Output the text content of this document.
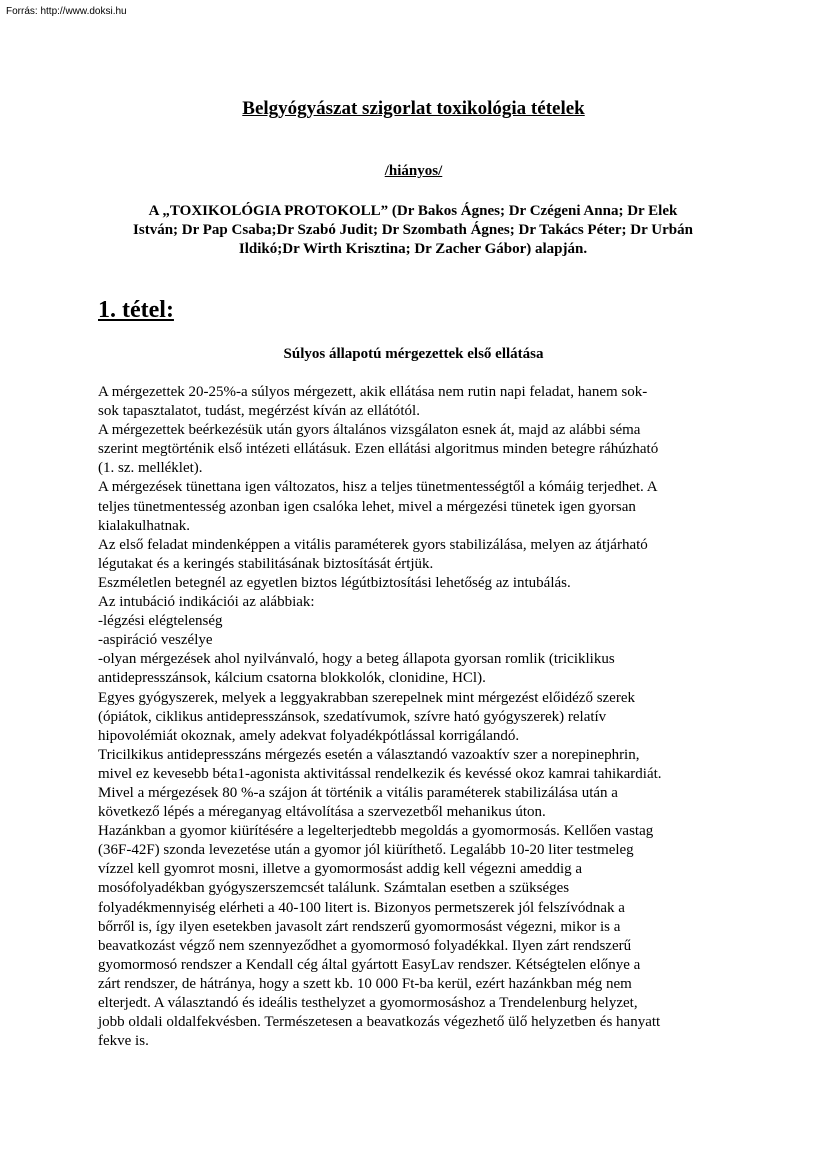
Forrás: http://www.doksi.hu
Belgyógyászat szigorlat toxikológia tételek
/hiányos/
A „TOXIKOLÓGIA PROTOKOLL” (Dr Bakos Ágnes; Dr Czégeni Anna; Dr Elek
István; Dr Pap Csaba;Dr Szabó Judit; Dr Szombath Ágnes; Dr Takács Péter; Dr Urbán
Ildikó;Dr Wirth Krisztina; Dr Zacher Gábor) alapján.
1. tétel:
Súlyos állapotú mérgezettek első ellátása
A mérgezettek 20-25%-a súlyos mérgezett, akik ellátása nem rutin napi feladat, hanem sok-
sok tapasztalatot, tudást, megérzést kíván az ellátótól.
A mérgezettek beérkezésük után gyors általános vizsgálaton esnek át, majd az alábbi séma
szerint megtörténik első intézeti ellátásuk. Ezen ellátási algoritmus minden betegre ráhúzható
(1. sz. melléklet).
A mérgezések tünettana igen változatos, hisz a teljes tünetmentességtől a kómáig terjedhet. A
teljes tünetmentesség azonban igen csalóka lehet, mivel a mérgezési tünetek igen gyorsan
kialakulhatnak.
Az első feladat mindenképpen a vitális paraméterek gyors stabilizálása, melyen az átjárható
légutakat és a keringés stabilitásának biztosítását értjük.
Eszméletlen betegnél az egyetlen biztos légútbiztosítási lehetőség az intubálás.
Az intubáció indikációi az alábbiak:
-légzési elégtelenség
-aspiráció veszélye
-olyan mérgezések ahol nyilvánvaló, hogy a beteg állapota gyorsan romlik (triciklikus
antidepresszánsok, kálcium csatorna blokkolók, clonidine, HCl).
Egyes gyógyszerek, melyek a leggyakrabban szerepelnek mint mérgezést előidéző szerek
(ópiátok, ciklikus antidepresszánsok, szedatívumok, szívre ható gyógyszerek) relatív
hipovolémiát okoznak, amely adekvat folyadékpótlással korrigálandó.
Tricilkikus antidepresszáns mérgezés esetén a választandó vazoaktív szer a norepinephrin,
mivel ez kevesebb béta1-agonista aktivitással rendelkezik és kevéssé okoz kamrai tahikardiát.
Mivel a mérgezések 80 %-a szájon át történik a vitális paraméterek stabilizálása után a
következő lépés a méreganyag eltávolítása a szervezetből mehanikus úton.
Hazánkban a gyomor kiürítésére a legelterjedtebb megoldás a gyomormosás. Kellően vastag
(36F-42F) szonda levezetése után a gyomor jól kiüríthető. Legalább 10-20 liter testmeleg
vízzel kell gyomrot mosni, illetve a gyomormosást addig kell végezni ameddig a
mosófolyadékban gyógyszerszemcsét találunk. Számtalan esetben a szükséges
folyadékmennyiség elérheti a 40-100 litert is. Bizonyos permetszerek jól felszívódnak a
bőrről is, így ilyen esetekben javasolt zárt rendszerű gyomormosást végezni, mikor is a
beavatkozást végző nem szennyeződhet a gyomormosó folyadékkal. Ilyen zárt rendszerű
gyomormosó rendszer a Kendall cég által gyártott EasyLav rendszer. Kétségtelen előnye a
zárt rendszer, de hátránya, hogy a szett kb. 10 000 Ft-ba kerül, ezért hazánkban még nem
elterjedt. A választandó és ideális testhelyzet a gyomormosáshoz a Trendelenburg helyzet,
jobb oldali oldalfekvésben. Természetesen a beavatkozás végezhető ülő helyzetben és hanyatt
fekve is.
